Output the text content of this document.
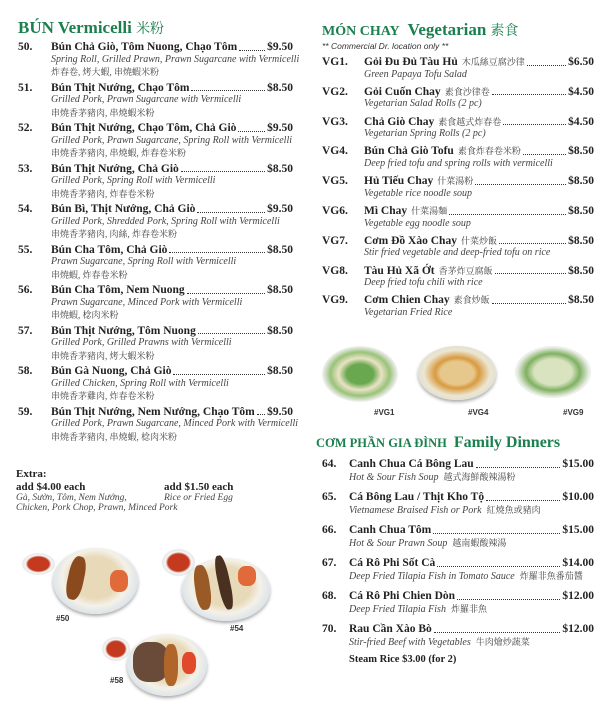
BÚN Vermicelli 米粉
50. Bún Chả Giò, Tôm Nuong, Chạo Tôm	$9.50
Spring Roll, Grilled Prawn, Prawn Sugarcane with Vermicelli
炸春卷, 烤大蝦, 串燒蝦米粉
51. Bún Thịt Nướng, Chạo Tôm	$8.50
Grilled Pork, Prawn Sugarcane with Vermicelli
串燒香茅豬肉, 串燒蝦米粉
52. Bún Thịt Nướng, Chạo Tôm, Chả Giò	$9.50
Grilled Pork, Prawn Sugarcane, Spring Roll with Vermicelli
串燒香茅豬肉, 串燒蝦, 炸春卷米粉
53. Bún Thịt Nướng, Chả Giò	$8.50
Grilled Pork, Spring Roll with Vermicelli
串燒香茅豬肉, 炸春卷米粉
54. Bún Bì, Thịt Nướng, Chả Giò	$9.50
Grilled Pork, Shredded Pork, Spring Roll with Vermicelli
串燒香茅豬肉, 肉絲, 炸春卷米粉
55. Bún Cha Tôm, Chả Giò	$8.50
Prawn Sugarcane, Spring Roll with Vermicelli
串燒蝦, 炸春卷米粉
56. Bún Cha Tôm, Nem Nuong	$8.50
Prawn Sugarcane, Minced Pork with Vermicelli
串燒蝦, 棯肉米粉
57. Bún Thịt Nướng, Tôm Nuong	$8.50
Grilled Pork, Grilled Prawns with Vermicelli
串燒香茅豬肉, 烤大蝦米粉
58. Bún Gà Nuong, Chả Giò	$8.50
Grilled Chicken, Spring Roll with Vermicelli
串燒香茅雞肉, 炸春卷米粉
59. Bún Thịt Nướng, Nem Nướng, Chạo Tôm $9.50
Grilled Pork, Prawn Sugarcane, Minced Pork with Vermicelli
串燒香茅豬肉, 串燒蝦, 棯肉米粉
Extra:
add $4.00 each
Gà, Sườn, Tôm, Nem Nướng,
Chicken, Pork Chop, Prawn, Minced Pork
add $1.50 each
Rice or Fried Egg
#50
#54
#58
MÓN CHAY Vegetarian 素食
** Commercial Dr. location only **
VG1. Gỏi Đu Đủ Tàu Hủ 木瓜絲豆腐沙律	$6.50
Green Papaya Tofu Salad
VG2. Gỏi Cuốn Chay 素食沙律卷	$4.50
Vegetarian Salad Rolls (2 pc)
VG3. Chả Giò Chay 素食越式炸春卷	$4.50
Vegetarian Spring Rolls (2 pc)
VG4. Bún Chả Giò Tofu 素食炸春卷米粉	$8.50
Deep fried tofu and spring rolls with vermicelli
VG5. Hủ Tiếu Chay 什菜湯粉	$8.50
Vegetable rice noodle soup
VG6. Mì Chay 什菜湯麵	$8.50
Vegetable egg noodle soup
VG7. Cơm Đồ Xào Chay 什菜炒飯	$8.50
Stir fried vegetable and deep-fried tofu on rice
VG8. Tàu Hủ Xã Ớt 香茅炸豆腐飯	$8.50
Deep fried tofu chili with rice
VG9. Cơm Chien Chay 素食炒飯	$8.50
Vegetarian Fried Rice
#VG1	#VG4	#VG9
CƠM PHẦN GIA ĐÌNH Family Dinners
64. Canh Chua Cá Bông Lau	$15.00
Hot & Sour Fish Soup 越式海鮮酸辣湯粉
65. Cá Bông Lau / Thịt Kho Tộ	$10.00
Vietnamese Braised Fish or Pork 紅燒魚或豬肉
66. Canh Chua Tôm	$15.00
Hot & Sour Prawn Soup 越南蝦酸辣湯
67. Cá Rô Phi Sốt Cà	$14.00
Deep Fried Tilapia Fish in Tomato Sauce 炸羅非魚番茄醬
68. Cá Rô Phi Chien Dòn	$12.00
Deep Fried Tilapia Fish 炸羅非魚
70. Rau Cần Xào Bò	$12.00
Stir-fried Beef with Vegetables 牛肉燴炒蔬菜
Steam Rice $3.00 (for 2)
